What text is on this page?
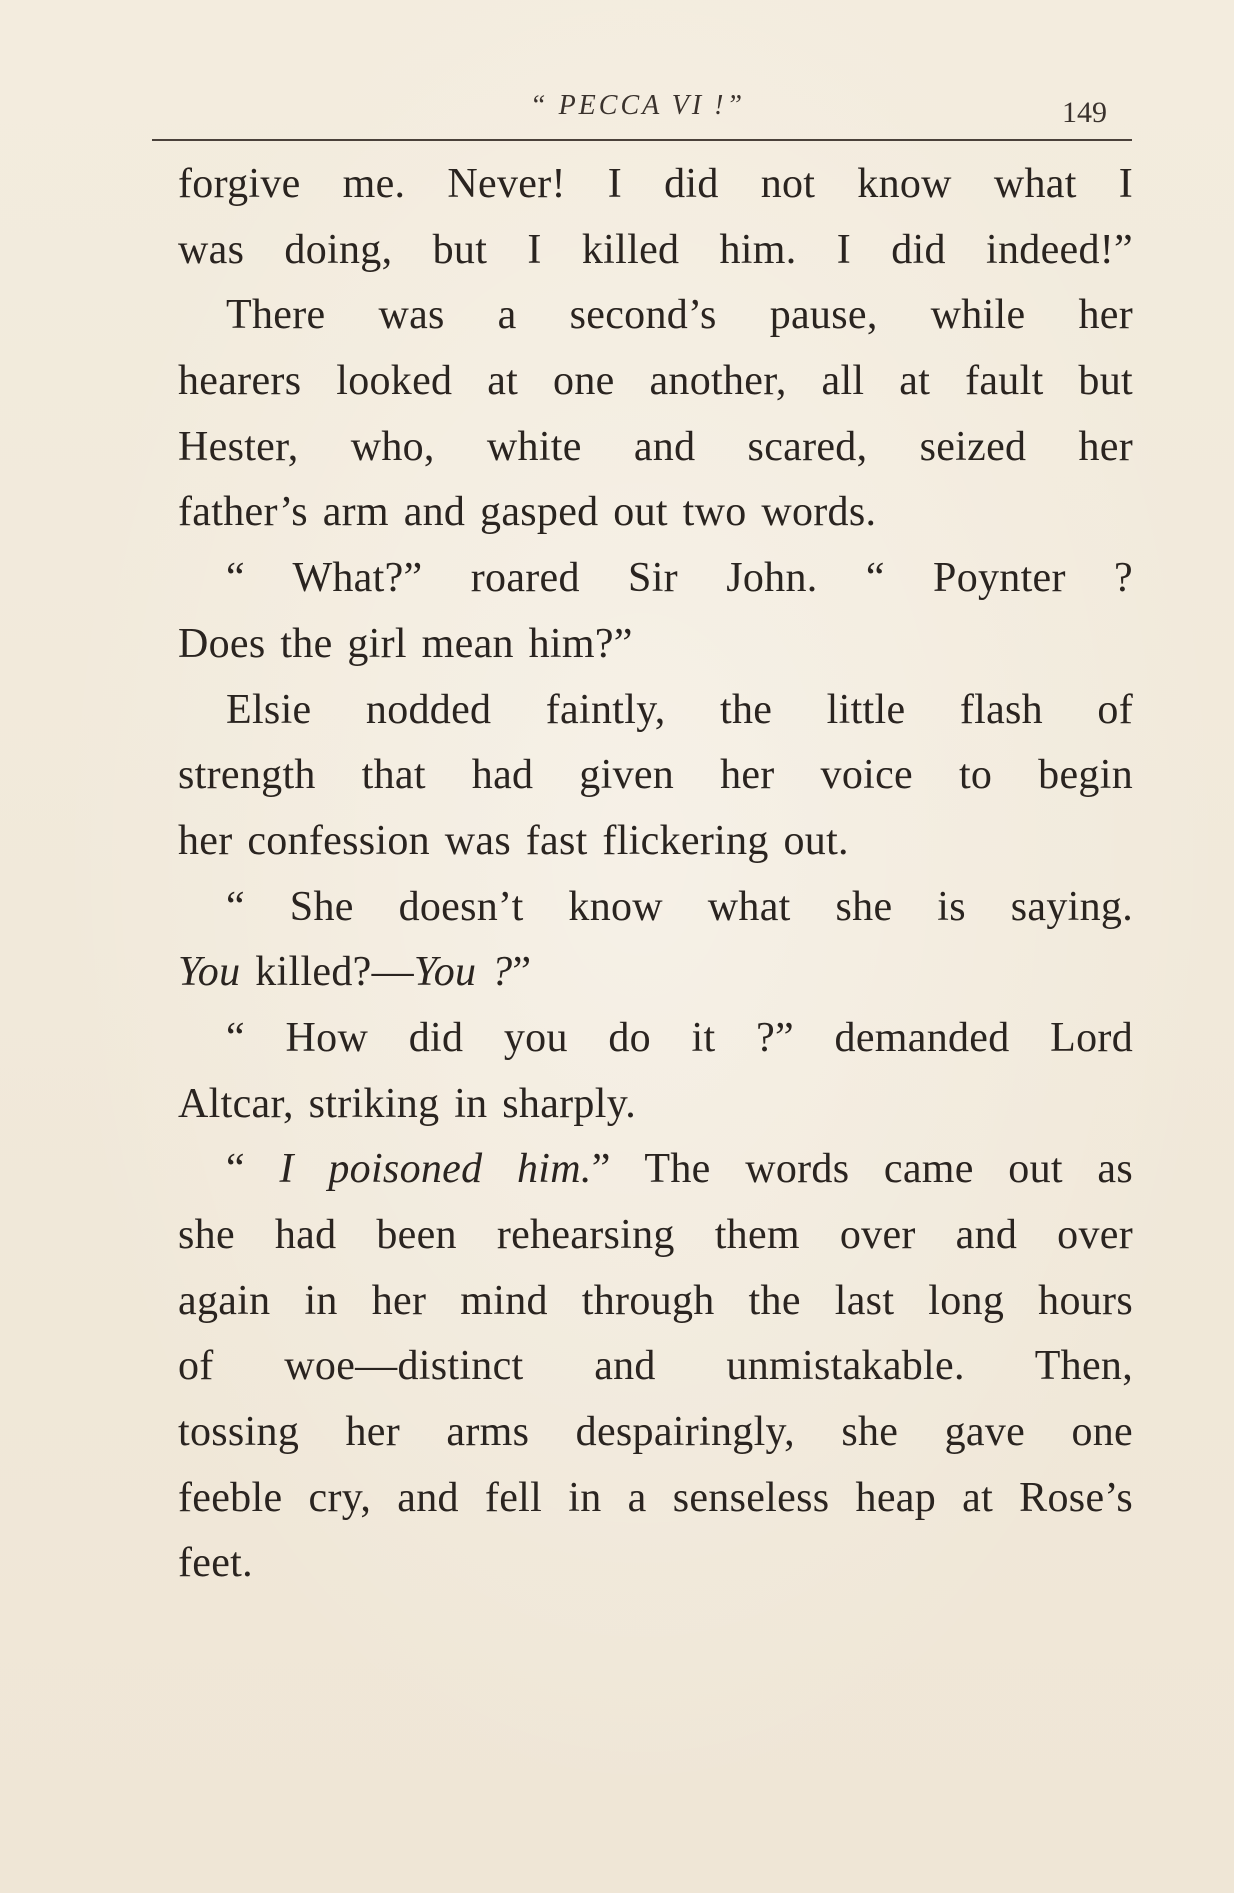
“ PECCA VI !”	149
forgive me. Never! I did not know what I
was doing, but I killed him. I did indeed!”
There was a second’s pause, while her
hearers looked at one another, all at fault but
Hester, who, white and scared, seized her
father’s arm and gasped out two words.
“ What?” roared Sir John. “ Poynter ?
Does the girl mean him?”
Elsie nodded faintly, the little flash of
strength that had given her voice to begin
her confession was fast flickering out.
“ She doesn’t know what she is saying.
You killed?—You ?”
“ How did you do it ?” demanded Lord
Altcar, striking in sharply.
“ I poisoned him.” The words came out as
she had been rehearsing them over and over
again in her mind through the last long hours
of woe—distinct and unmistakable. Then,
tossing her arms despairingly, she gave one
feeble cry, and fell in a senseless heap at Rose’s
feet.
